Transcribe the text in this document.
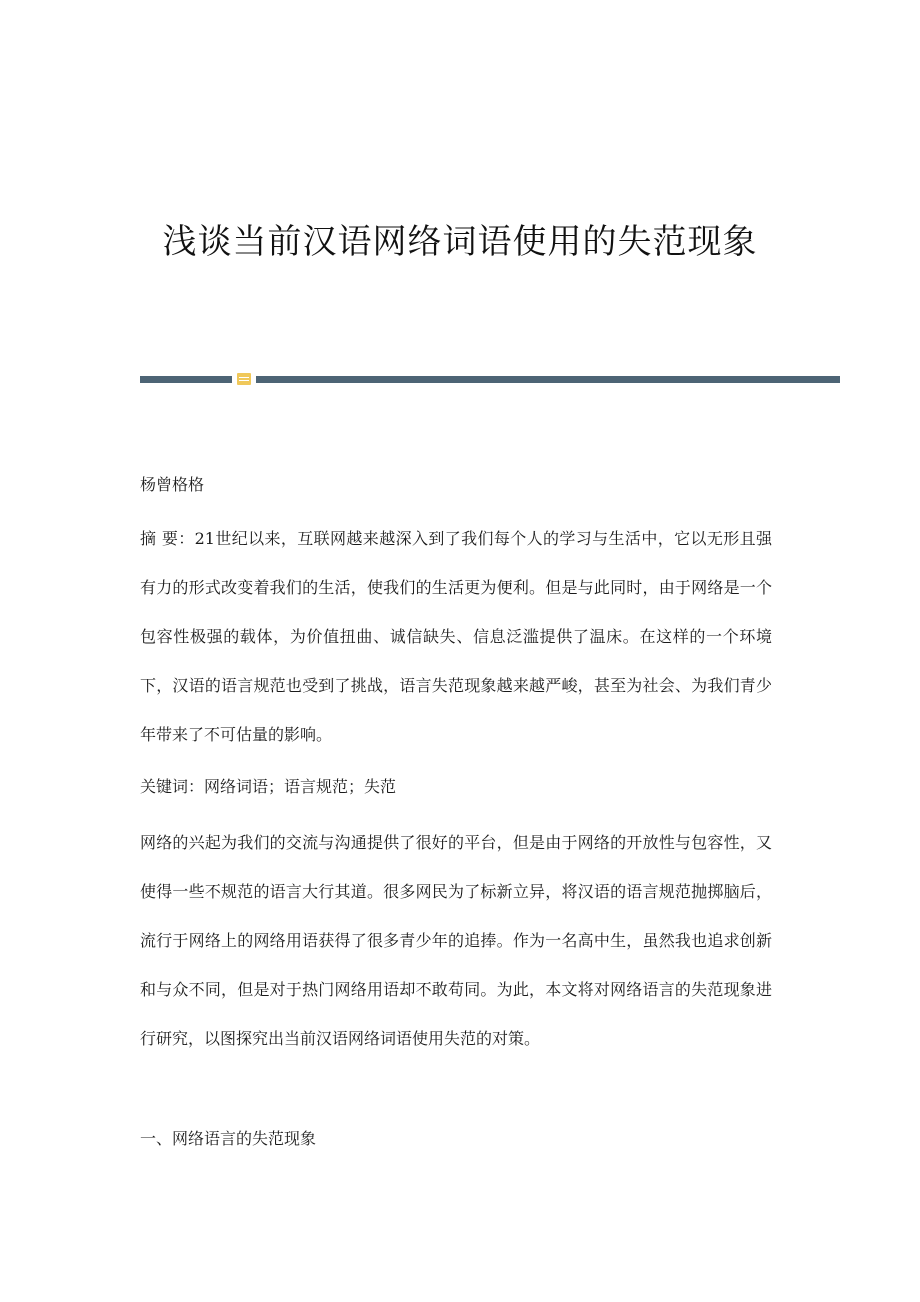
浅谈当前汉语网络词语使用的失范现象

杨曾格格

摘 要：21世纪以来，互联网越来越深入到了我们每个人的学习与生活中，它以无形且强有力的形式改变着我们的生活，使我们的生活更为便利。但是与此同时，由于网络是一个包容性极强的载体，为价值扭曲、诚信缺失、信息泛滥提供了温床。在这样的一个环境下，汉语的语言规范也受到了挑战，语言失范现象越来越严峻，甚至为社会、为我们青少年带来了不可估量的影响。

关键词：网络词语；语言规范；失范

网络的兴起为我们的交流与沟通提供了很好的平台，但是由于网络的开放性与包容性，又使得一些不规范的语言大行其道。很多网民为了标新立异，将汉语的语言规范抛掷脑后，流行于网络上的网络用语获得了很多青少年的追捧。作为一名高中生，虽然我也追求创新和与众不同，但是对于热门网络用语却不敢苟同。为此，本文将对网络语言的失范现象进行研究，以图探究出当前汉语网络词语使用失范的对策。

一、网络语言的失范现象
